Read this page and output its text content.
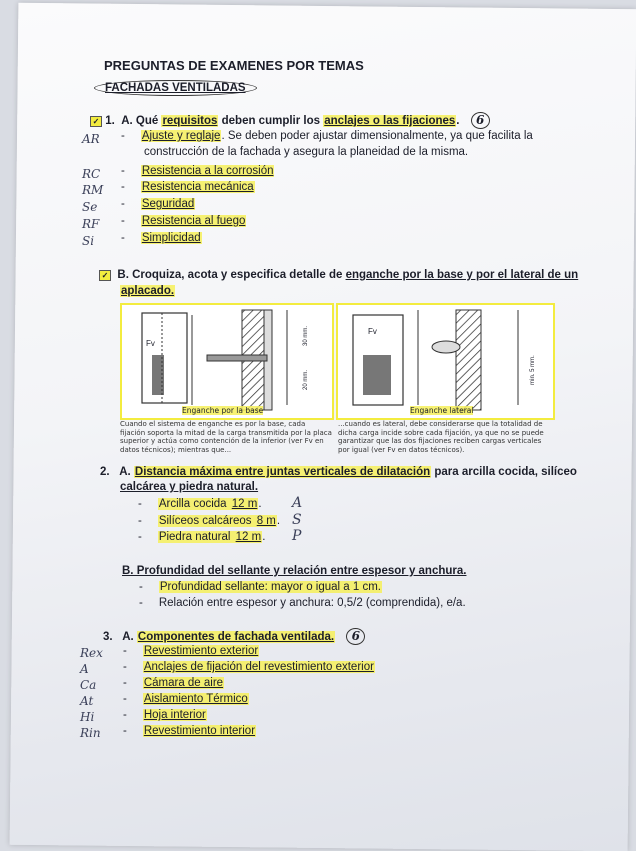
PREGUNTAS DE EXAMENES POR TEMAS
FACHADAS VENTILADAS
✓ 1. A. Qué requisitos deben cumplir los anclajes o las fijaciones. 6
AR -     Ajuste y reglaje. Se deben poder ajustar dimensionalmente, ya que facilita la
construcción de la fachada y asegura la planeidad de la misma.
RC -     Resistencia a la corrosión
RM -     Resistencia mecánica
Se -     Seguridad
RF -     Resistencia al fuego
Si -     Simplicidad
✓ B. Croquiza, acota y especifica detalle de enganche por la base y por el lateral de un
aplacado.
Fv	30 mm.
20 mm.
Enganche por la base
Fv
min. 5 mm.
Enganche lateral
Cuando el sistema de enganche es por la base, cada fijación soporta la mitad de la carga transmitida por la placa superior y actúa como contención de la inferior (ver Fv en datos técnicos); mientras que...
...cuando es lateral, debe considerarse que la totalidad de dicha carga incide sobre cada fijación, ya que no se puede garantizar que las dos fijaciones reciben cargas verticales por igual (ver Fv en datos técnicos).
2. A. Distancia máxima entre juntas verticales de dilatación para arcilla cocida, silíceo
calcárea y piedra natural.
-     Arcilla cocida 12 m. A
-     Silíceos calcáreos 8 m. S
-     Piedra natural 12 m. P
B. Profundidad del sellante y relación entre espesor y anchura.
-     Profundidad sellante: mayor o igual a 1 cm.
-     Relación entre espesor y anchura: 0,5/2 (comprendida), e/a.
3. A. Componentes de fachada ventilada. 6
Rex -     Revestimiento exterior
A	-     Anclajes de fijación del revestimiento exterior
Ca -     Cámara de aire
At	-     Aislamiento Térmico
Hi -     Hoja interior
Rin -     Revestimiento interior
